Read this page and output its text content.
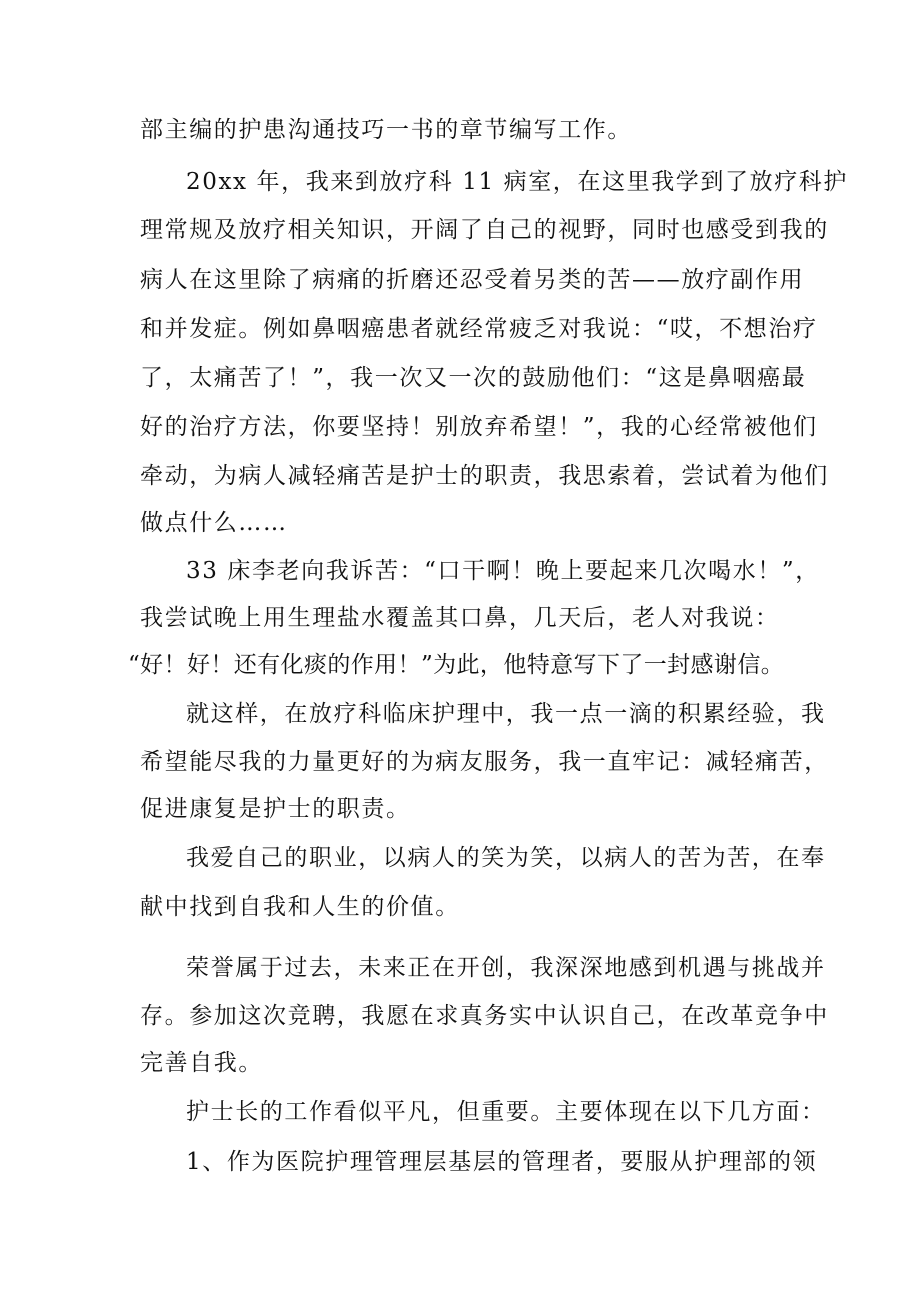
部主编的护患沟通技巧一书的章节编写工作。
20xx 年，我来到放疗科 11 病室，在这里我学到了放疗科护
理常规及放疗相关知识，开阔了自己的视野，同时也感受到我的
病人在这里除了病痛的折磨还忍受着另类的苦——放疗副作用
和并发症。例如鼻咽癌患者就经常疲乏对我说：“哎，不想治疗
了，太痛苦了！”，我一次又一次的鼓励他们：“这是鼻咽癌最
好的治疗方法，你要坚持！别放弃希望！”，我的心经常被他们
牵动，为病人减轻痛苦是护士的职责，我思索着，尝试着为他们
做点什么……
33 床李老向我诉苦：“口干啊！晚上要起来几次喝水！”，
我尝试晚上用生理盐水覆盖其口鼻，几天后，老人对我说：
“好！好！还有化痰的作用！”为此，他特意写下了一封感谢信。
就这样，在放疗科临床护理中，我一点一滴的积累经验，我
希望能尽我的力量更好的为病友服务，我一直牢记：减轻痛苦，
促进康复是护士的职责。
我爱自己的职业，以病人的笑为笑，以病人的苦为苦，在奉
献中找到自我和人生的价值。
荣誉属于过去，未来正在开创，我深深地感到机遇与挑战并
存。参加这次竞聘，我愿在求真务实中认识自己，在改革竞争中
完善自我。
护士长的工作看似平凡，但重要。主要体现在以下几方面：
1、作为医院护理管理层基层的管理者，要服从护理部的领
